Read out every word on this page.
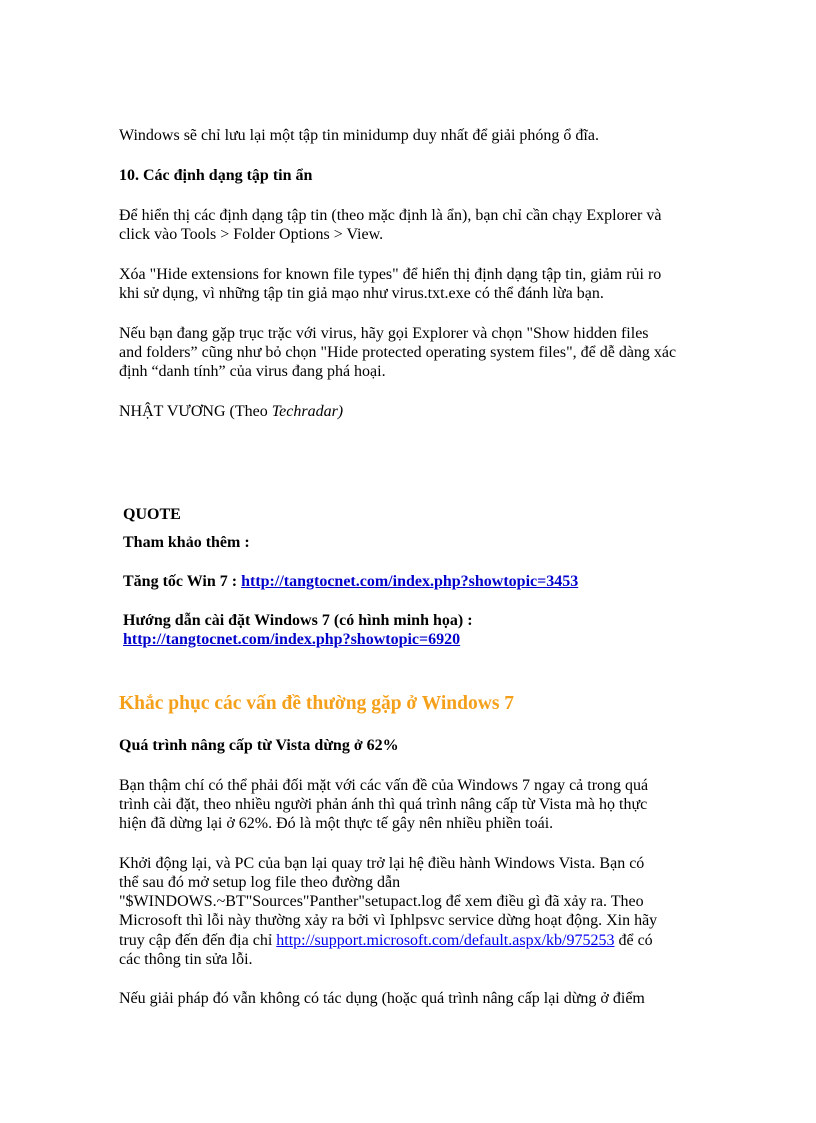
Windows sẽ chỉ lưu lại một tập tin minidump duy nhất để giải phóng ổ đĩa.

10. Các định dạng tập tin ẩn

Để hiển thị các định dạng tập tin (theo mặc định là ẩn), bạn chỉ cần chạy Explorer và

click vào Tools > Folder Options > View.

Xóa "Hide extensions for known file types" để hiển thị định dạng tập tin, giảm rủi ro

khi sử dụng, vì những tập tin giả mạo như virus.txt.exe có thể đánh lừa bạn.

Nếu bạn đang gặp trục trặc với virus, hãy gọi Explorer và chọn "Show hidden files

and folders” cũng như bỏ chọn "Hide protected operating system files", để dễ dàng xác

định “danh tính” của virus đang phá hoại.

NHẬT VƯƠNG (Theo Techradar)

QUOTE

Tham khảo thêm :

Tăng tốc Win 7 : http://tangtocnet.com/index.php?showtopic=3453

Hướng dẫn cài đặt Windows 7 (có hình minh họa) :

http://tangtocnet.com/index.php?showtopic=6920

Khắc phục các vấn đề thường gặp ở Windows 7

Quá trình nâng cấp từ Vista dừng ở 62%

Bạn thậm chí có thể phải đối mặt với các vấn đề của Windows 7 ngay cả trong quá

trình cài đặt, theo nhiều người phản ánh thì quá trình nâng cấp từ Vista mà họ thực

hiện đã dừng lại ở 62%. Đó là một thực tế gây nên nhiều phiền toái.

Khởi động lại, và PC của bạn lại quay trở lại hệ điều hành Windows Vista. Bạn có

thể sau đó mở setup log file theo đường dẫn

"$WINDOWS.~BT"Sources"Panther"setupact.log để xem điều gì đã xảy ra. Theo

Microsoft thì lỗi này thường xảy ra bởi vì Iphlpsvc service dừng hoạt động. Xin hãy

truy cập đến đến địa chỉ http://support.microsoft.com/default.aspx/kb/975253 để có

các thông tin sửa lỗi.

Nếu giải pháp đó vẫn không có tác dụng (hoặc quá trình nâng cấp lại dừng ở điểm
